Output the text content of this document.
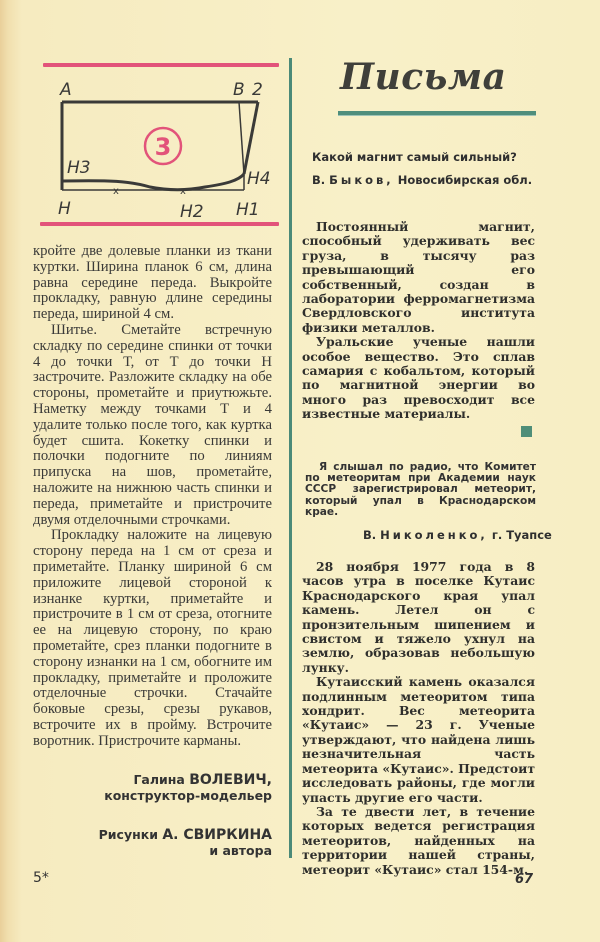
x	x
3
А	В 2
Н3
Н4
Н	Н2 Н1

кройте две долевые планки из ткани куртки. Ширина планок 6 см, длина равна середине переда. Выкройте прокладку, равную длине середины переда, шириной 4 см.

Шитье. Сметайте встречную складку по середине спинки от точки 4 до точки Т, от Т до точки Н застрочите. Разложите складку на обе стороны, прометайте и приутюжьте. Наметку между точками Т и 4 удалите только после того, как куртка будет сшита. Кокетку спинки и полочки подогните по линиям припуска на шов, прометайте, наложите на нижнюю часть спинки и переда, приметайте и пристрочите двумя отделочными строчками.

Прокладку наложите на лицевую сторону переда на 1 см от среза и приметайте. Планку шириной 6 см приложите лицевой стороной к изнанке куртки, приметайте и пристрочите в 1 см от среза, отогните ее на лицевую сторону, по краю прометайте, срез планки подогните в сторону изнанки на 1 см, обогните им прокладку, приметайте и проложите отделочные строчки. Стачайте боковые срезы, срезы рукавов, встрочите их в пройму. Встрочите воротник. Пристрочите карманы.

Галина ВОЛЕВИЧ,
конструктор-модельер
Рисунки А. СВИРКИНА
и автора
Письма
Какой магнит самый сильный?
В. Быков, Новосибирская обл.

Постоянный магнит, способный удерживать вес груза, в тысячу раз превышающий его собственный, создан в лаборатории ферромагнетизма Свердловского института физики металлов.

Уральские ученые нашли особое вещество. Это сплав самария с кобальтом, который по магнитной энергии во много раз превосходит все известные материалы.

Я слышал по радио, что Комитет по метеоритам при Академии наук СССР зарегистрировал метеорит, который упал в Краснодарском крае.

В. Николенко, г. Туапсе

28 ноября 1977 года в 8 часов утра в поселке Кутаис Краснодарского края упал камень. Летел он с пронзительным шипением и свистом и тяжело ухнул на землю, образовав небольшую лунку.

Кутаисский камень оказался подлинным метеоритом типа хондрит. Вес метеорита «Кутаис» — 23 г. Ученые утверждают, что найдена лишь незначительная часть метеорита «Кутаис». Предстоит исследовать районы, где могли упасть другие его части.

За те двести лет, в течение которых ведется регистрация метеоритов, найденных на территории нашей страны, метеорит «Кутаис» стал 154-м.

5*	67
